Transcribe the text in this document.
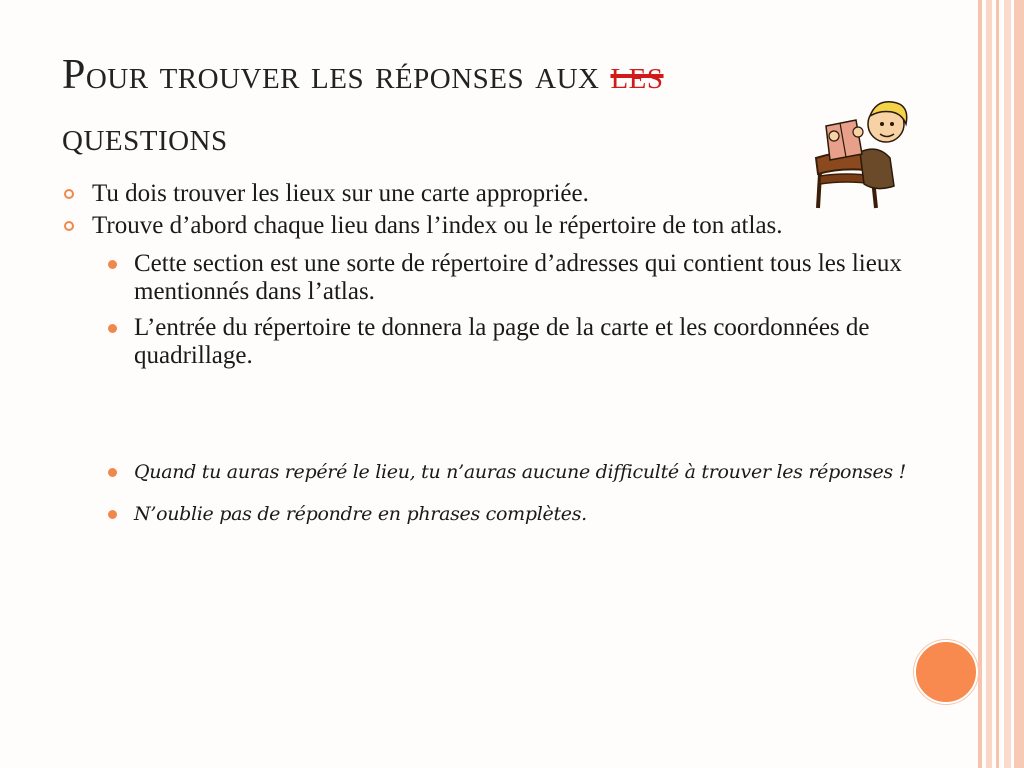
Pour trouver les réponses aux les
questions
Tu dois trouver les lieux sur une carte appropriée.
Trouve d’abord chaque lieu dans l’index ou le répertoire de ton atlas.
Cette section est une sorte de répertoire d’adresses qui contient tous les lieux mentionnés dans l’atlas.
L’entrée du répertoire te donnera la page de la carte et les coordonnées de quadrillage.
Quand tu auras repéré le lieu, tu n’auras aucune difficulté à trouver les réponses !
N’oublie pas de répondre en phrases complètes.
